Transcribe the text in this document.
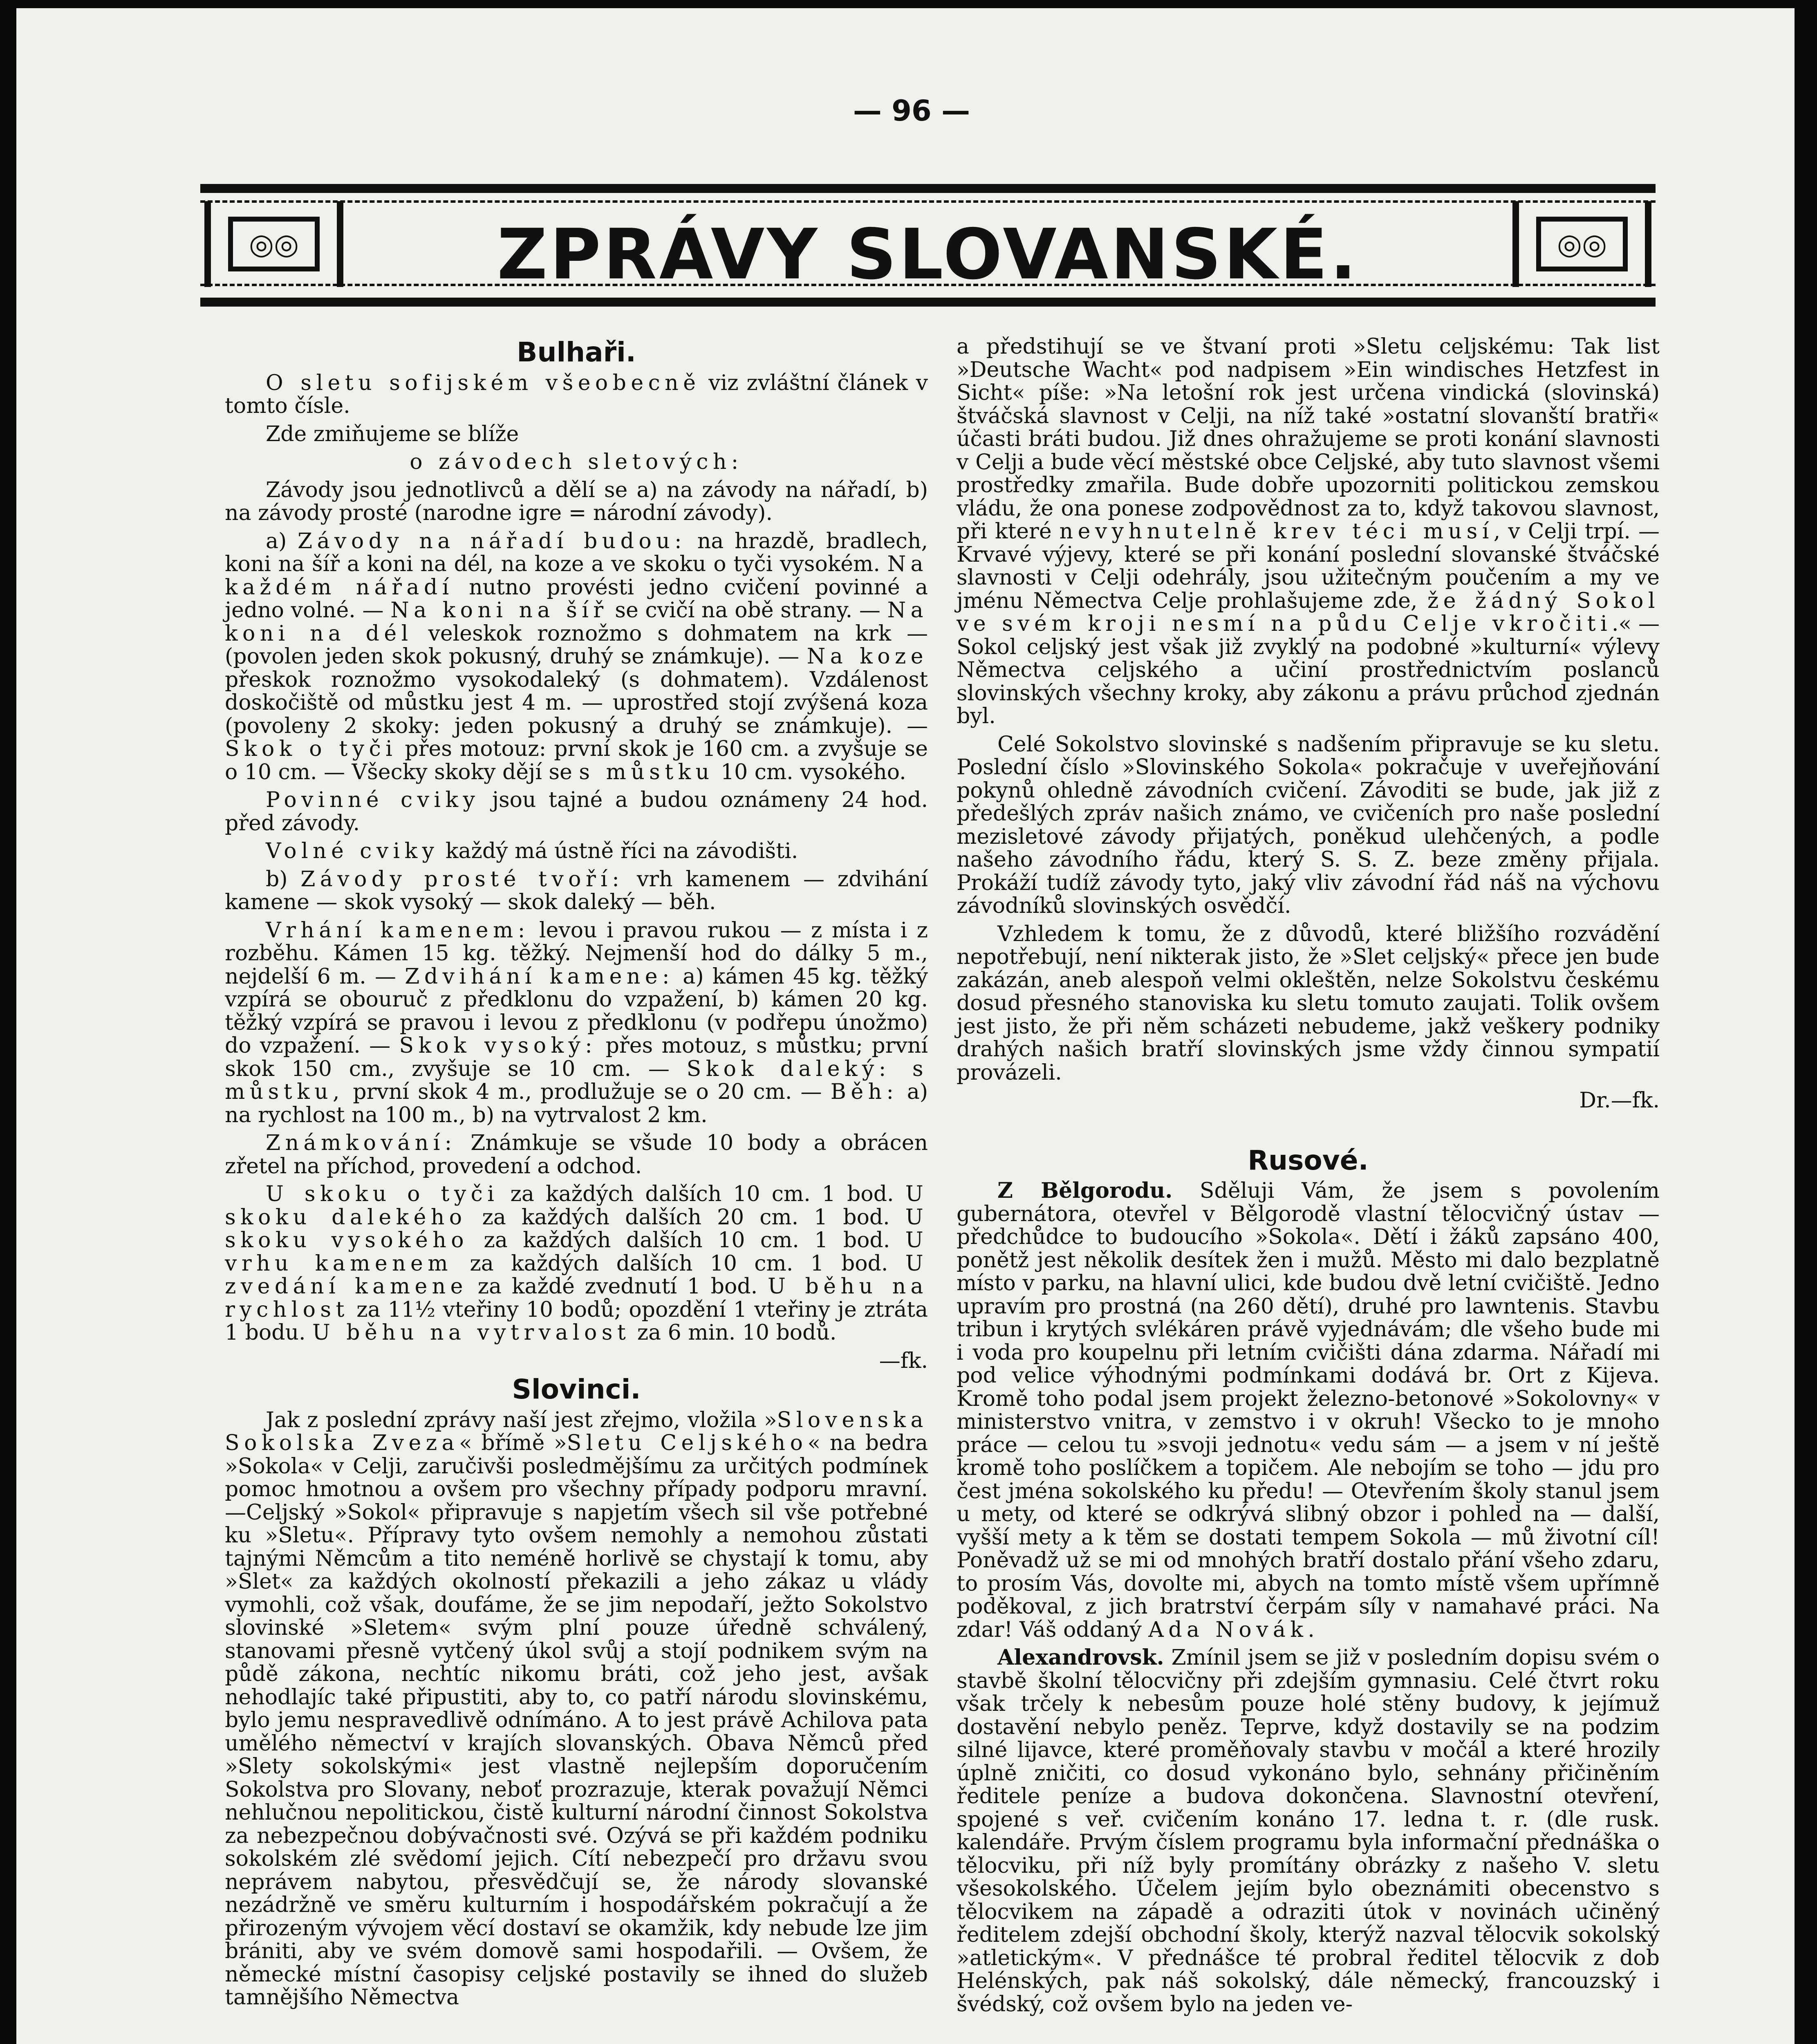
— 96 —
◎◎	ZPRÁVY SLOVANSKÉ.	◎◎
Bulhaři.
O sletu sofijském všeobecně viz zvláštní článek v tomto čísle.
Zde zmiňujeme se blíže
o závodech sletových:
Závody jsou jednotlivců a dělí se a) na závody na nářadí, b) na závody prosté (narodne igre = národní závody).
a) Závody na nářadí budou: na hrazdě, bradlech, koni na šíř a koni na dél, na koze a ve skoku o tyči vysokém. Na každém nářadí nutno provésti jedno cvičení povinné a jedno volné. — Na koni na šíř se cvičí na obě strany. — Na koni na dél veleskok roznožmo s dohmatem na krk — (povolen jeden skok pokusný, druhý se známkuje). — Na koze přeskok roznožmo vysokodaleký (s dohmatem). Vzdálenost doskočiště od můstku jest 4 m. — uprostřed stojí zvýšená koza (povoleny 2 skoky: jeden pokusný a druhý se známkuje). — Skok o tyči přes motouz: první skok je 160 cm. a zvyšuje se o 10 cm. — Všecky skoky dějí se s můstku 10 cm. vysokého.
Povinné cviky jsou tajné a budou oznámeny 24 hod. před závody.
Volné cviky každý má ústně říci na závodišti.
b) Závody prosté tvoří: vrh kamenem — zdvihání kamene — skok vysoký — skok daleký — běh.
Vrhání kamenem: levou i pravou rukou — z místa i z rozběhu. Kámen 15 kg. těžký. Nejmenší hod do dálky 5 m., nejdelší 6 m. — Zdvihání kamene: a) kámen 45 kg. těžký vzpírá se obouruč z předklonu do vzpažení, b) kámen 20 kg. těžký vzpírá se pravou i levou z předklonu (v podřepu únožmo) do vzpažení. — Skok vysoký: přes motouz, s můstku; první skok 150 cm., zvyšuje se 10 cm. — Skok daleký: s můstku, první skok 4 m., prodlužuje se o 20 cm. — Běh: a) na rychlost na 100 m., b) na vytrvalost 2 km.
Známkování: Známkuje se všude 10 body a obrácen zřetel na příchod, provedení a odchod.
U skoku o tyči za každých dalších 10 cm. 1 bod. U skoku dalekého za každých dalších 20 cm. 1 bod. U skoku vysokého za každých dalších 10 cm. 1 bod. U vrhu kamenem za každých dalších 10 cm. 1 bod. U zvedání kamene za každé zvednutí 1 bod. U běhu na rychlost za 11½ vteřiny 10 bodů; opozdění 1 vteřiny je ztráta 1 bodu. U běhu na vytrvalost za 6 min. 10 bodů.
—fk.
Slovinci.
Jak z poslední zprávy naší jest zřejmo, vložila »Slovenska Sokolska Zveza« břímě »Sletu Celjského« na bedra »Sokola« v Celji, zaručivši posledmějšímu za určitých podmínek pomoc hmotnou a ovšem pro všechny případy podporu mravní. —Celjský »Sokol« připravuje s napjetím všech sil vše potřebné ku »Sletu«. Přípravy tyto ovšem nemohly a nemohou zůstati tajnými Němcům a tito neméně horlivě se chystají k tomu, aby »Slet« za každých okolností překazili a jeho zákaz u vlády vymohli, což však, doufáme, že se jim nepodaří, ježto Sokolstvo slovinské »Sletem« svým plní pouze úředně schválený, stanovami přesně vytčený úkol svůj a stojí podnikem svým na půdě zákona, nechtíc nikomu bráti, což jeho jest, avšak nehodlajíc také připustiti, aby to, co patří národu slovinskému, bylo jemu nespravedlivě odnímáno. A to jest právě Achilova pata umělého němectví v krajích slovanských. Obava Němců před »Slety sokolskými« jest vlastně nejlepším doporučením Sokolstva pro Slovany, neboť prozrazuje, kterak považují Němci nehlučnou nepolitickou, čistě kulturní národní činnost Sokolstva za nebezpečnou dobývačnosti své. Ozývá se při každém podniku sokolském zlé svědomí jejich. Cítí nebezpečí pro državu svou neprávem nabytou, přesvědčují se, že národy slovanské nezádržně ve směru kulturním i hospodářském pokračují a že přirozeným vývojem věcí dostaví se okamžik, kdy nebude lze jim brániti, aby ve svém domově sami hospodařili. — Ovšem, že německé místní časopisy celjské postavily se ihned do služeb tamnějšího Němectva
a předstihují se ve štvaní proti »Sletu celjskému: Tak list »Deutsche Wacht« pod nadpisem »Ein windisches Hetzfest in Sicht« píše: »Na letošní rok jest určena vindická (slovinská) štváčská slavnost v Celji, na níž také »ostatní slovanští bratři« účasti bráti budou. Již dnes ohražujeme se proti konání slavnosti v Celji a bude věcí městské obce Celjské, aby tuto slavnost všemi prostředky zmařila. Bude dobře upozorniti politickou zemskou vládu, že ona ponese zodpovědnost za to, když takovou slavnost, při které nevyhnutelně krev téci musí, v Celji trpí. — Krvavé výjevy, které se při konání poslední slovanské štváčské slavnosti v Celji odehrály, jsou užitečným poučením a my ve jménu Němectva Celje prohlašujeme zde, že žádný Sokol ve svém kroji nesmí na půdu Celje vkročiti.« — Sokol celjský jest však již zvyklý na podobné »kulturní« výlevy Němectva celjského a učiní prostřednictvím poslanců slovinských všechny kroky, aby zákonu a právu průchod zjednán byl.
Celé Sokolstvo slovinské s nadšením připravuje se ku sletu. Poslední číslo »Slovinského Sokola« pokračuje v uveřejňování pokynů ohledně závodních cvičení. Závoditi se bude, jak již z předešlých zpráv našich známo, ve cvičeních pro naše poslední mezisletové závody přijatých, poněkud ulehčených, a podle našeho závodního řádu, který S. S. Z. beze změny přijala. Prokáží tudíž závody tyto, jaký vliv závodní řád náš na výchovu závodníků slovinských osvědčí.
Vzhledem k tomu, že z důvodů, které bližšího rozvádění nepotřebují, není nikterak jisto, že »Slet celjský« přece jen bude zakázán, aneb alespoň velmi okleštěn, nelze Sokolstvu českému dosud přesného stanoviska ku sletu tomuto zaujati. Tolik ovšem jest jisto, že při něm scházeti nebudeme, jakž veškery podniky drahých našich bratří slovinských jsme vždy činnou sympatií provázeli.
Dr.—fk.
Rusové.
Z Bělgorodu. Sděluji Vám, že jsem s povolením gubernátora, otevřel v Bělgorodě vlastní tělocvičný ústav — předchůdce to budoucího »Sokola«. Dětí i žáků zapsáno 400, ponětž jest několik desítek žen i mužů. Město mi dalo bezplatně místo v parku, na hlavní ulici, kde budou dvě letní cvičiště. Jedno upravím pro prostná (na 260 dětí), druhé pro lawntenis. Stavbu tribun i krytých svlékáren právě vyjednávám; dle všeho bude mi i voda pro koupelnu při letním cvičišti dána zdarma. Nářadí mi pod velice výhodnými podmínkami dodává br. Ort z Kijeva. Kromě toho podal jsem projekt železno-betonové »Sokolovny« v ministerstvo vnitra, v zemstvo i v okruh! Všecko to je mnoho práce — celou tu »svoji jednotu« vedu sám — a jsem v ní ještě kromě toho poslíčkem a topičem. Ale nebojím se toho — jdu pro čest jména sokolského ku předu! — Otevřením školy stanul jsem u mety, od které se odkrývá slibný obzor i pohled na — další, vyšší mety a k těm se dostati tempem Sokola — mů životní cíl! Poněvadž už se mi od mnohých bratří dostalo přání všeho zdaru, to prosím Vás, dovolte mi, abych na tomto místě všem upřímně poděkoval, z jich bratrství čerpám síly v namahavé práci. Na zdar! Váš oddaný Ada Novák.
Alexandrovsk. Zmínil jsem se již v posledním dopisu svém o stavbě školní tělocvičny při zdejším gymnasiu. Celé čtvrt roku však trčely k nebesům pouze holé stěny budovy, k jejímuž dostavění nebylo peněz. Teprve, když dostavily se na podzim silné lijavce, které proměňovaly stavbu v močál a které hrozily úplně zničiti, co dosud vykonáno bylo, sehnány přičiněním ředitele peníze a budova dokončena. Slavnostní otevření, spojené s veř. cvičením konáno 17. ledna t. r. (dle rusk. kalendáře. Prvým číslem programu byla informační přednáška o tělocviku, při níž byly promítány obrázky z našeho V. sletu všesokolského. Účelem jejím bylo obeznámiti obecenstvo s tělocvikem na západě a odraziti útok v novinách učiněný ředitelem zdejší obchodní školy, kterýž nazval tělocvik sokolský »atletickým«. V přednášce té probral ředitel tělocvik z dob Helénských, pak náš sokolský, dále německý, francouzský i švédský, což ovšem bylo na jeden ve-
